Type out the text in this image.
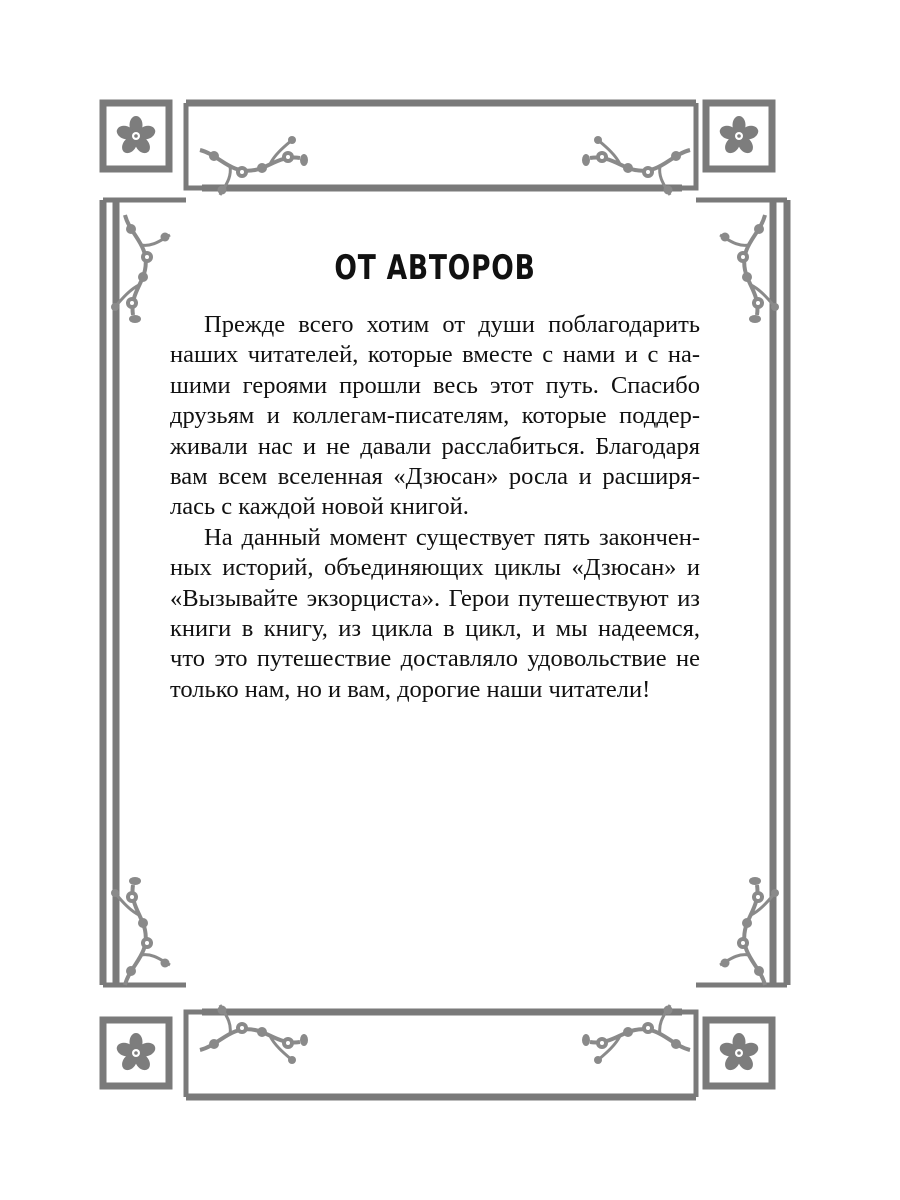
ОТ АВТОРОВ

Прежде всего хотим от души поблагодарить наших читателей, которые вместе с нами и с нашими героями прошли весь этот путь. Спасибо друзьям и коллегам-писателям, которые поддерживали нас и не давали расслабиться. Благодаря вам всем вселенная «Дзюсан» росла и расширялась с каждой новой книгой.

На данный момент существует пять законченных историй, объединяющих циклы «Дзюсан» и «Вызывайте экзорциста». Герои путешествуют из книги в книгу, из цикла в цикл, и мы надеемся, что это путешествие доставляло удовольствие не только нам, но и вам, дорогие наши читатели!
